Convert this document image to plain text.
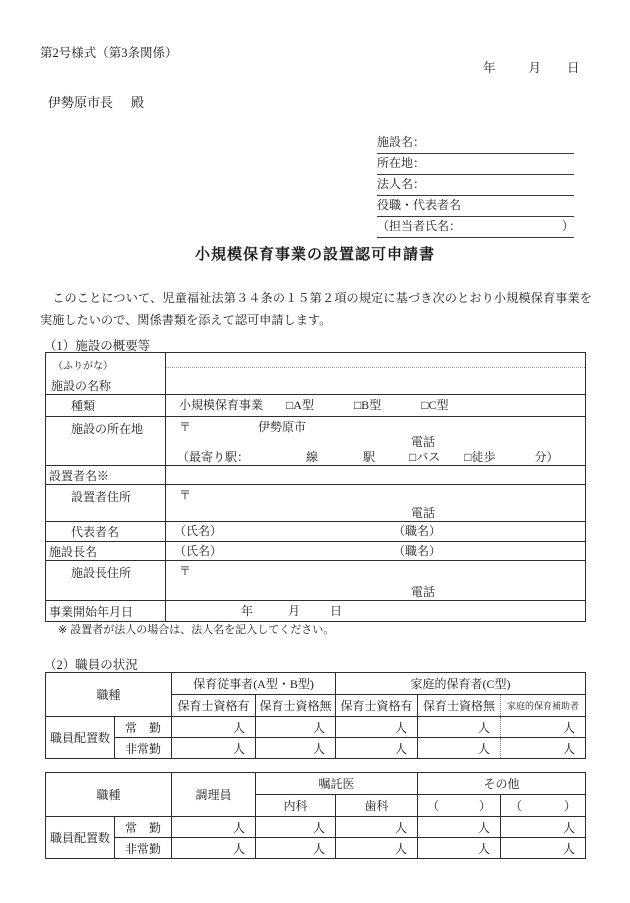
第2号様式（第3条関係）
年	月 日
伊勢原市長 殿
施設名：
所在地：
法人名：
役職・代表者名
（担当者氏名：	）
小規模保育事業の設置認可申請書
　このことについて、児童福祉法第３４条の１５第２項の規定に基づき次のとおり小規模保育事業を実施したいので、関係書類を添えて認可申請します。
（1）施設の概要等
（ふりがな）
施設の名称	

種類	小規模保育事業 □A型 □B型 □C型

施設の所在地	〒 伊勢原市
電話
（最寄り駅： 線 駅 □バス □徒歩 分）

設置者名※	
設置者住所	〒
電話

代表者名	（氏名） （職名）

施設長名	（氏名） （職名）

施設長住所	〒
電話

事業開始年月日	年 月 日
※ 設置者が法人の場合は、法人名を記入してください。
（2）職員の状況
職種		保育従事者(A型・B型)		家庭的保育者(C型)		
		保育士資格有	保育士資格無	保育士資格有	保育士資格無	家庭的保育補助者
職員配置数	常　勤	人	人	人	人	人
	非常勤	人	人	人	人	人
職種		調理員	嘱託医		その他	
			内科	歯科	（ ）	（ ）

職員配置数	常　勤	人	人	人	人	人
	非常勤	人	人	人	人	人
